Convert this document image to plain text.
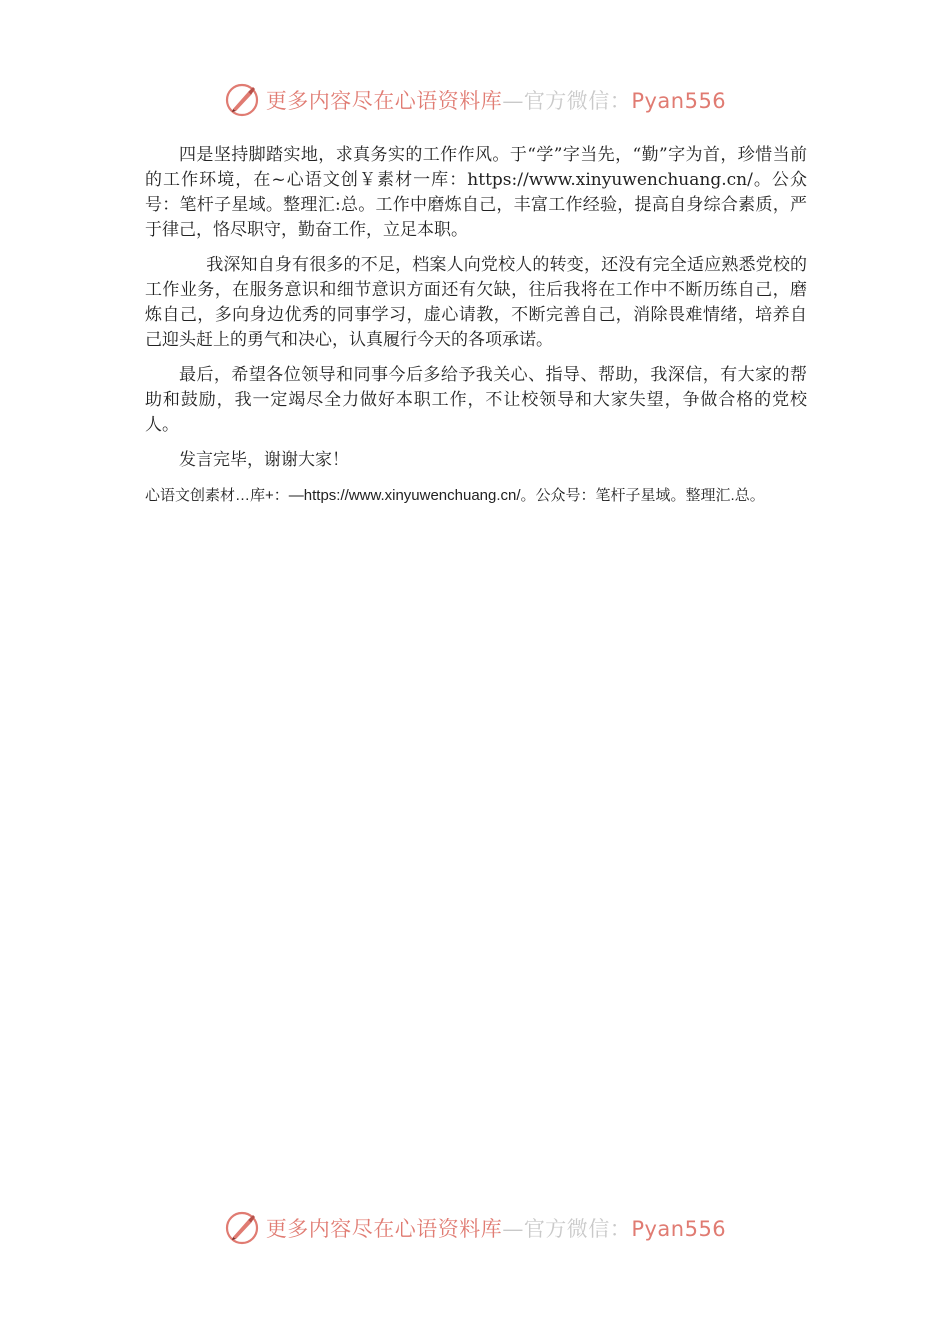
更多内容尽在心语资料库—官方微信：Pyan556

四是坚持脚踏实地，求真务实的工作作风。于“学”字当先，“勤”字为首，珍惜当前的工作环境，在~心语文创￥素材一库：https://www.xinyuwenchuang.cn/。公众号：笔杆子星域。整理汇:总。工作中磨炼自己，丰富工作经验，提高自身综合素质，严于律己，恪尽职守，勤奋工作，立足本职。

我深知自身有很多的不足，档案人向党校人的转变，还没有完全适应熟悉党校的工作业务，在服务意识和细节意识方面还有欠缺，往后我将在工作中不断历练自己，磨炼自己，多向身边优秀的同事学习，虚心请教，不断完善自己，消除畏难情绪，培养自己迎头赶上的勇气和决心，认真履行今天的各项承诺。

最后，希望各位领导和同事今后多给予我关心、指导、帮助，我深信，有大家的帮助和鼓励，我一定竭尽全力做好本职工作，不让校领导和大家失望，争做合格的党校人。

发言完毕，谢谢大家！

心语文创素材…库+：—https://www.xinyuwenchuang.cn/。公众号：笔杆子星域。整理汇.总。

更多内容尽在心语资料库—官方微信：Pyan556
